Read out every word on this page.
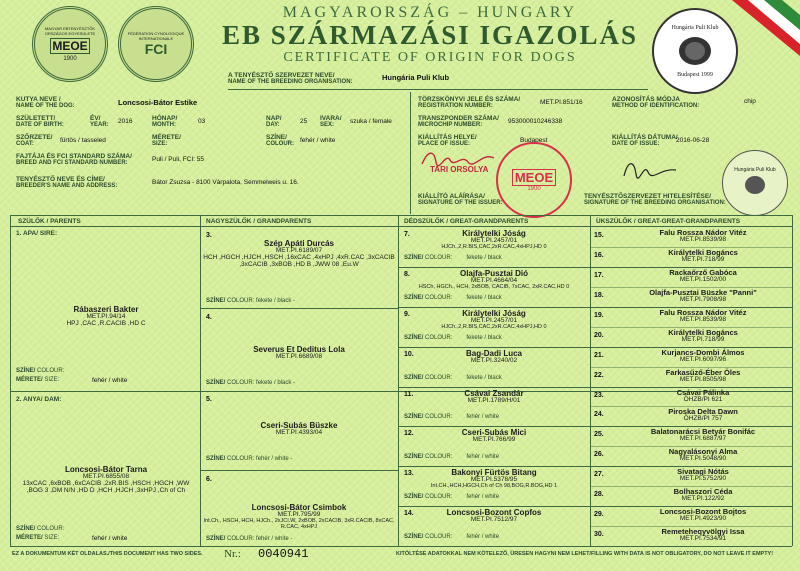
MAGYAR EBTENYÉSZTŐK ORSZÁGOS EGYESÜLETE
MEOE
1900
FÉDÉRATION CYNOLOGIQUE INTERNATIONALE
FCI
MAGYARORSZÁG – HUNGARY
EB SZÁRMAZÁSI IGAZOLÁS
CERTIFICATE OF ORIGIN FOR DOGS
Hungária Puli Klub
Budapest 1999
A TENYÉSZTŐ SZERVEZET NEVE/
NAME OF THE BREEDING ORGANISATION:	Hungária Puli Klub
KUTYA NEVE /
NAME OF THE DOG:	Loncsosi-Bátor Estike
SZÜLETETT/
DATE OF BIRTH:
ÉV/
YEAR: 2016	HÓNAP/
MONTH:	03	NAP/
DAY:	25 IVARA/
SEX:	szuka / female
SZŐRZETE/
COAT:	fürtös / tasseled	MÉRETE/
SIZE:
SZÍNE/
COLOUR: fehér / white
FAJTÁJA ÉS FCI STANDARD SZÁMA/
BREED AND FCI STANDARD NUMBER:	Puli / Puli, FCI: 55
TENYÉSZTŐ NEVE ÉS CÍME/
BREEDER'S NAME AND ADDRESS:	Bátor Zsuzsa - 8100 Várpalota, Semmelweis u. 16.
TÖRZSKÖNYVI JELE ÉS SZÁMA/
REGISTRATION NUMBER:	MET.PI.851/16	AZONOSÍTÁS MÓDJA
METHOD OF IDENTIFICATION:
chip
TRANSZPONDER SZÁMA/
MICROCHIP NUMBER:	953000010246338
KIÁLLÍTÁS HELYE/
PLACE OF ISSUE:	Budapest	KIÁLLÍTÁS DÁTUMA/
DATE OF ISSUE:	2016-06-28
TARI ORSOLYA MEOE
1900
Hungária Puli Klub
KIÁLLÍTÓ ALÁÍRÁSA/
SIGNATURE OF THE ISSUER:
TENYÉSZTŐSZERVEZET HITELESÍTÉSE/
SIGNATURE OF THE BREEDING ORGANISATION:
SZÜLŐK / PARENTS	NAGYSZÜLŐK / GRANDPARENTS	DÉDSZÜLŐK / GREAT-GRANDPARENTS	ÜKSZÜLŐK / GREAT-GREAT-GRANDPARENTS
1. APA/ SIRE:
Rábaszeri Bakter
MET.PI.94/14
HPJ ,CAC ,R.CACIB ,HD C
SZÍNE/ COLOUR:
MÉRETE/ SIZE:	fehér / white
2. ANYA/ DAM:
Loncsosi-Bátor Tarna
MET.PI.6855/08
13xCAC ,6xBOB ,6xCACIB ,2xR.BIS ,HSCH ,HGCH ,WW ,BOG 3 ,DM N/N ,HD D ,HCH ,HJCH ,3xHPJ ,Ch of Ch
SZÍNE/ COLOUR:
MÉRETE/ SIZE:	fehér / white
3.
Szép Apáti Durcás
MET.PI.6189/07
HCH ,HGCH ,HJCH ,HSCH ,16xCAC ,4xHPJ ,4xR.CAC ,3xCACIB ,3xCACIB ,3xBOB ,HD B ,JWW 08 ,Eu.W
SZÍNE/ COLOUR: fekete / black -
4.
Severus Et Deditus Lola
MET.PI.6689/08
SZÍNE/ COLOUR: fekete / black -
5.
Cseri-Subás Büszke
MET.PI.4393/04
SZÍNE/ COLOUR: fehér / white -
6.
Loncsosi-Bátor Csimbok
MET.PI.795/99
Int.Ch., HSCH, HCH, HJCh., 2xJCI.W, 2xBOB, 2xCACIB, 3xR.CACIB, 8xCAC, R.CAC, 4xHPJ
SZÍNE/ COLOUR: fehér / white -
7.	Királytelki Jóság
MET.PI.2457/01
HJCh.,2,R.BIS,CAC,2xR.CAC,4xHPJ,HD 0
SZÍNE/ COLOUR: fekete / black
8.	Olajfa-Pusztai Dió
MET.PI.4664/04
HSCh, HGCh., HCH, 2xBOB, CACIB, 7xCAC, 2xR.CAC,HD 0
SZÍNE/ COLOUR: fekete / black
9.	Királytelki Jóság
MET.PI.2457/01
HJCh.,2,R.BIS,CAC,2xR.CAC,4xHPJ,HD 0
SZÍNE/ COLOUR: fekete / black
10.	Bag-Dadi Luca
MET.PI.3240/02
SZÍNE/ COLOUR: fekete / black
11.	Csávai Zsandár
MET.PI.1789/H/01
SZÍNE/ COLOUR: fehér / white
12.	Cseri-Subás Mici
MET.PI.766/99
SZÍNE/ COLOUR: fehér / white
13.	Bakonyi Fürtös Bitang
MET.PI.5378/95
Int.CH.,HCH,HGCH,Ch of Ch 98,BOG,R.BOG,HD 1
SZÍNE/ COLOUR: fehér / white
14.	Loncsosi-Bozont Copfos
MET.PI.7512/97
SZÍNE/ COLOUR: fehér / white
15.	Falu Rossza Nádor Vitéz
MET.PI.8539/98
16.	Királytelki Bogáncs
MET.PI.718/99
17.	Rackaőrző Gabóca
MET.PI.1502/00
18.	Olajfa-Pusztai Büszke "Panni"
MET.PI.7908/98
19.	Falu Rossza Nádor Vitéz
MET.PI.8539/98
20.	Királytelki Bogáncs
MET.PI.718/99
21.	Kurjancs-Dombi Álmos
MET.PI.6097/96
22.	Farkasűző-Éber Öles
MET.PI.8505/98
23.	Csávai Pálinka
ÖHZB/PI 621
24.	Piroska Delta Dawn
ÖHZB/PI 757
25.	Balatonarácsi Betyár Bonifác
MET.PI.6887/97
26.	Nagyalásonyi Alma
MET.PI.5048/90
27.	Sivatagi Nótás
MET.PI.5752/90
28.	Bolhaszori Céda
MET.PI.122/92
29.	Loncsosi-Bozont Bojtos
MET.PI.4923/90
30.	Remeteheqyvölgyi Issa
MET.PI.7534/91
EZ A DOKUMENTUM KÉT OLDALAS./THIS DOCUMENT HAS TWO SIDES. Nr.: 0040941	KITÖLTÉSE ADATOKKAL NEM KÖTELEZŐ, ÜRESEN HAGYNI NEM LEHET/FILLING WITH DATA IS NOT OBLIGATORY, DO NOT LEAVE IT EMPTY!
